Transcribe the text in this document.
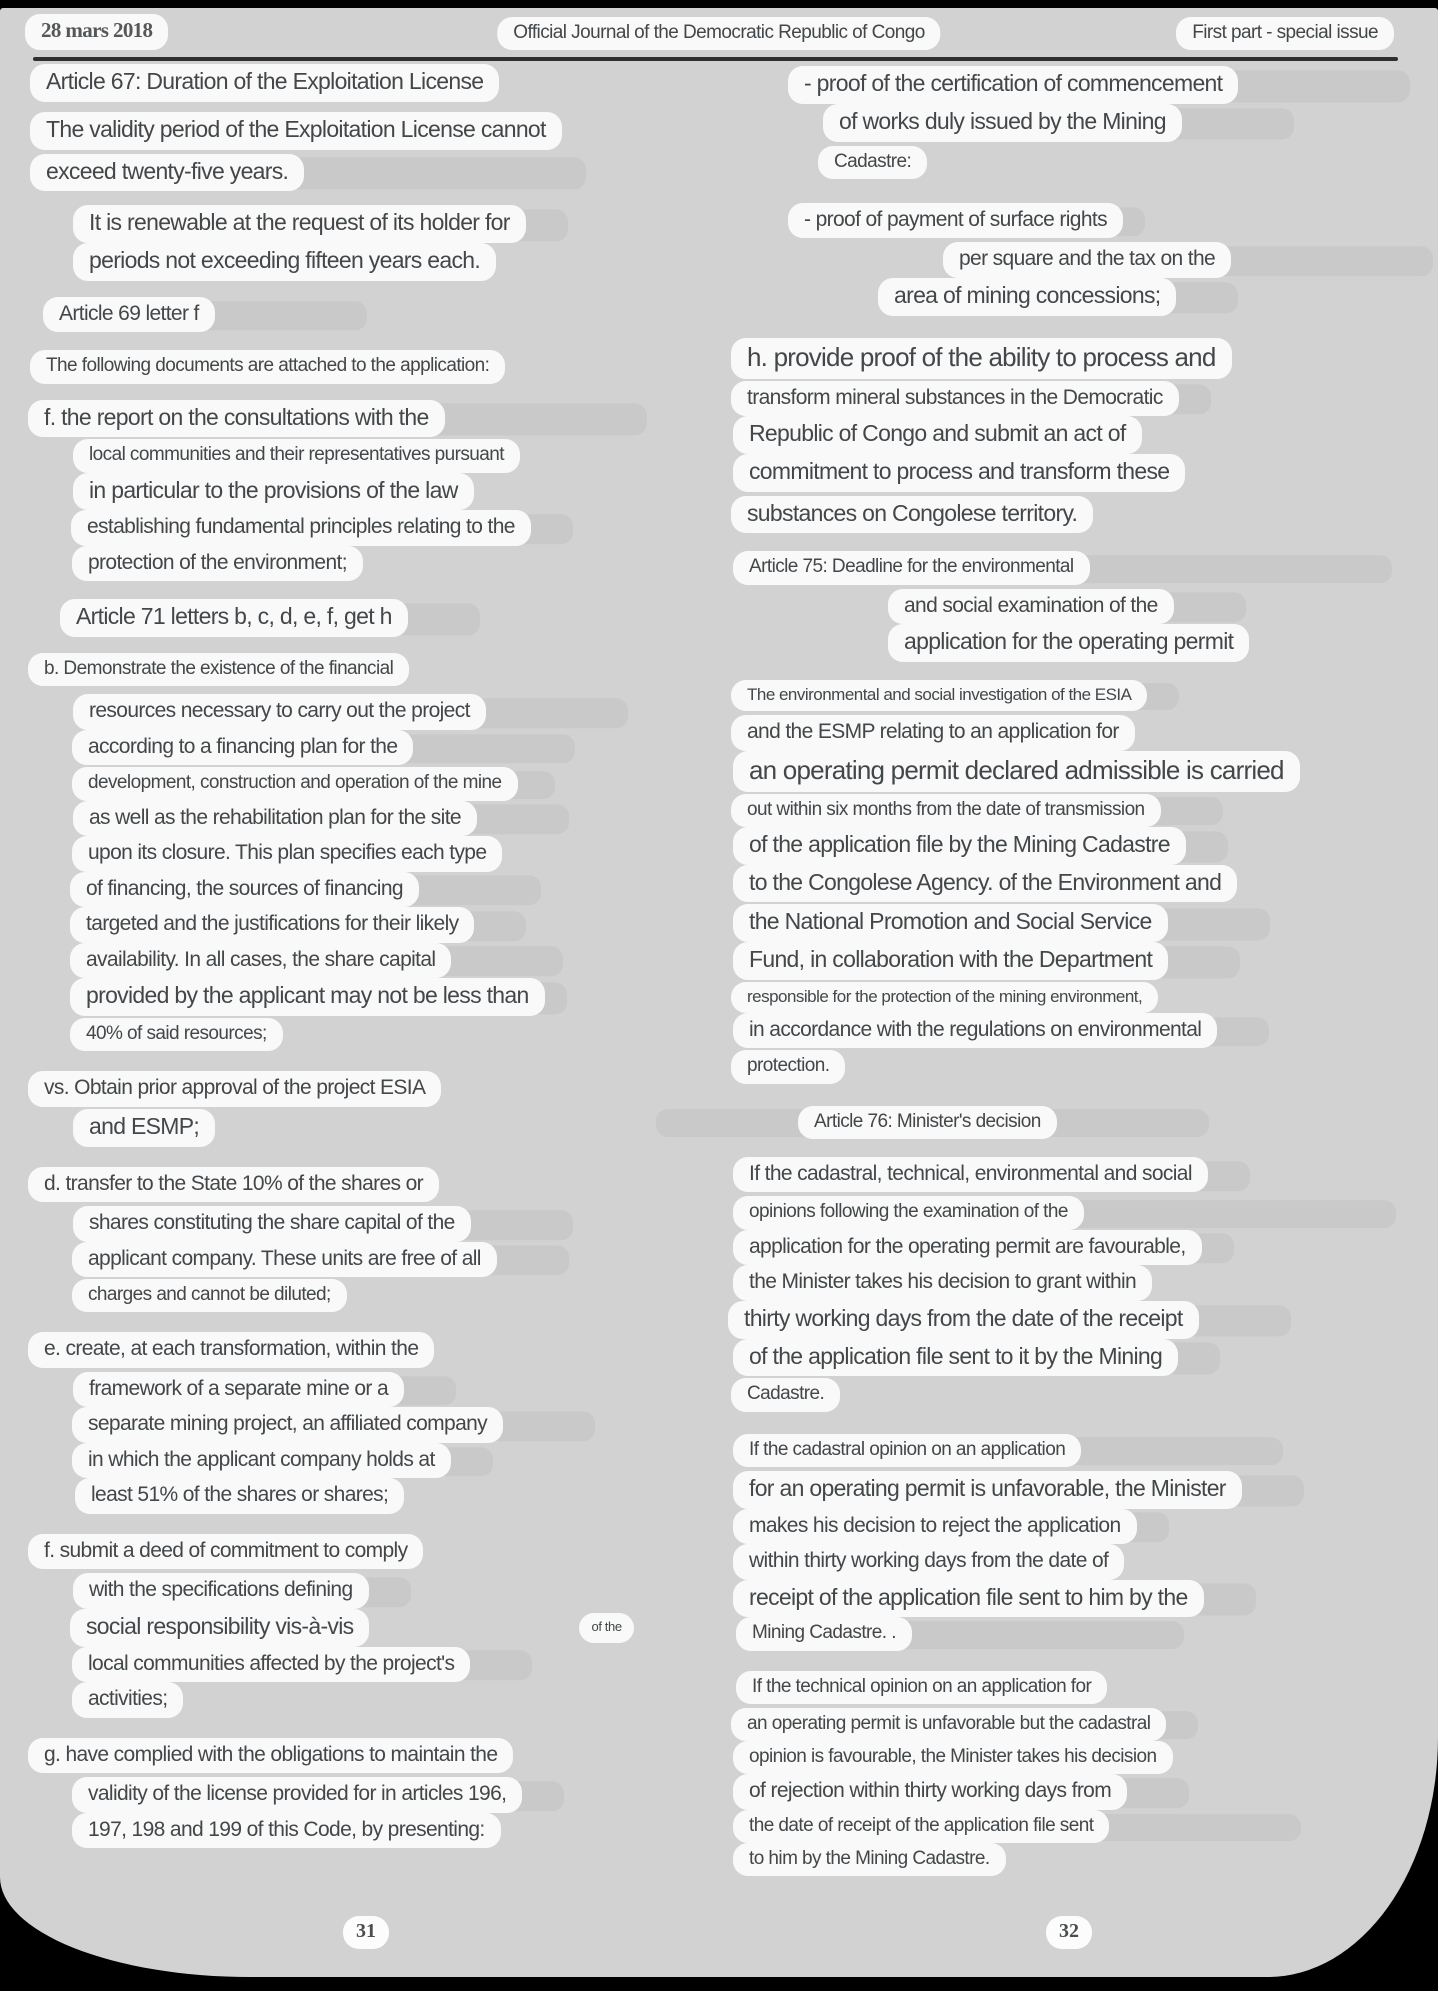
28 mars 2018	Official Journal of the Democratic Republic of Congo	First part - special issue
Article 67: Duration of the Exploitation License
The validity period of the Exploitation License cannot
exceed twenty-five years.
It is renewable at the request of its holder for
periods not exceeding fifteen years each.
Article 69 letter f
The following documents are attached to the application:
f. the report on the consultations with the
local communities and their representatives pursuant
in particular to the provisions of the law
establishing fundamental principles relating to the
protection of the environment;
Article 71 letters b, c, d, e, f, get h
b. Demonstrate the existence of the financial
resources necessary to carry out the project
according to a financing plan for the
development, construction and operation of the mine
as well as the rehabilitation plan for the site
upon its closure. This plan specifies each type
of financing, the sources of financing
targeted and the justifications for their likely
availability. In all cases, the share capital
provided by the applicant may not be less than
40% of said resources;
vs. Obtain prior approval of the project ESIA
and ESMP;
d. transfer to the State 10% of the shares or
shares constituting the share capital of the
applicant company. These units are free of all
charges and cannot be diluted;
e. create, at each transformation, within the
framework of a separate mine or a
separate mining project, an affiliated company
in which the applicant company holds at
least 51% of the shares or shares;
f. submit a deed of commitment to comply
with the specifications defining
social responsibility vis-à-vis	of the
local communities affected by the project's
activities;
g. have complied with the obligations to maintain the
validity of the license provided for in articles 196,
197, 198 and 199 of this Code, by presenting:
- proof of the certification of commencement
of works duly issued by the Mining
Cadastre:
- proof of payment of surface rights
per square and the tax on the
area of mining concessions;
h. provide proof of the ability to process and
transform mineral substances in the Democratic
Republic of Congo and submit an act of
commitment to process and transform these
substances on Congolese territory.
Article 75: Deadline for the environmental
and social examination of the
application for the operating permit
The environmental and social investigation of the ESIA
and the ESMP relating to an application for
an operating permit declared admissible is carried
out within six months from the date of transmission
of the application file by the Mining Cadastre
to the Congolese Agency. of the Environment and
the National Promotion and Social Service
Fund, in collaboration with the Department
responsible for the protection of the mining environment,
in accordance with the regulations on environmental
protection.
Article 76: Minister's decision
If the cadastral, technical, environmental and social
opinions following the examination of the
application for the operating permit are favourable,
the Minister takes his decision to grant within
thirty working days from the date of the receipt
of the application file sent to it by the Mining
Cadastre.
If the cadastral opinion on an application
for an operating permit is unfavorable, the Minister
makes his decision to reject the application
within thirty working days from the date of
receipt of the application file sent to him by the
Mining Cadastre. .
If the technical opinion on an application for
an operating permit is unfavorable but the cadastral
opinion is favourable, the Minister takes his decision
of rejection within thirty working days from
the date of receipt of the application file sent
to him by the Mining Cadastre.
31	32
